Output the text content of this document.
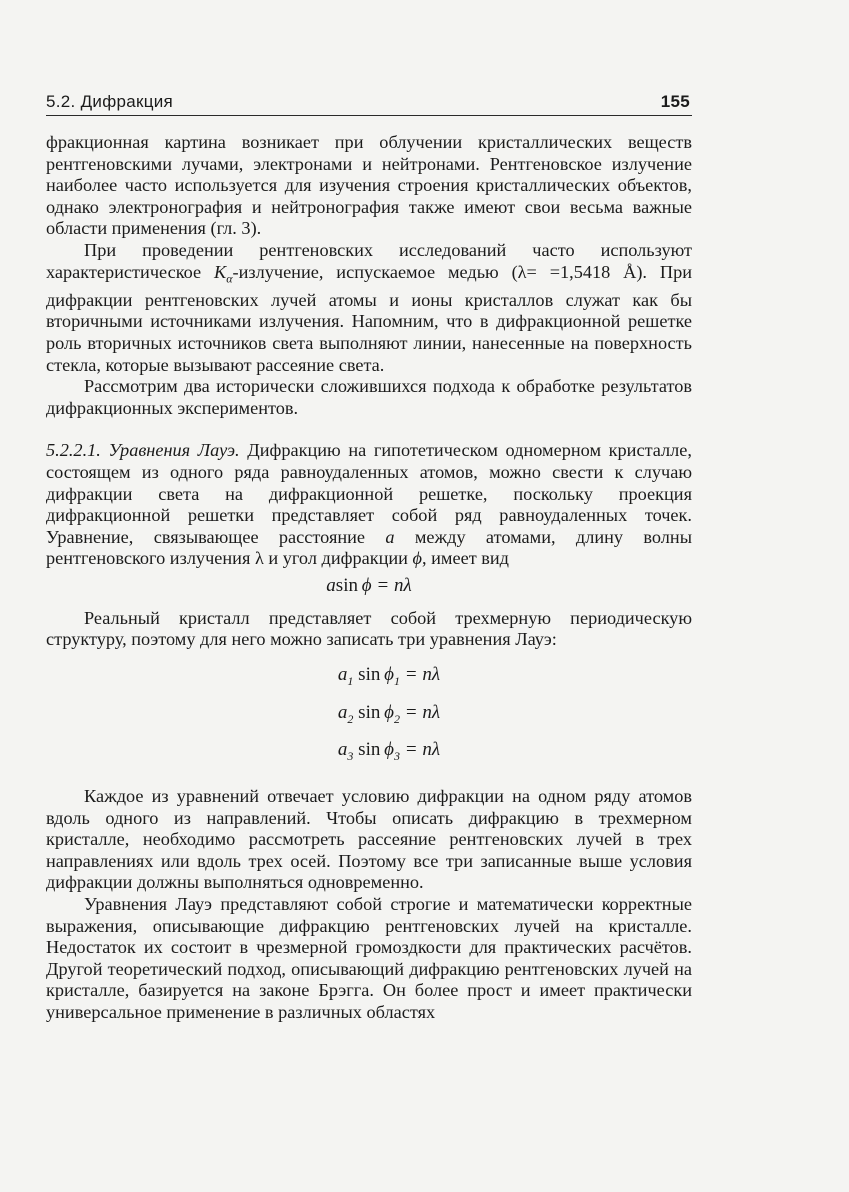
5.2. Дифракция	155

фракционная картина возникает при облучении кристаллических веществ рентгеновскими лучами, электронами и нейтронами. Рентгеновское излучение наиболее часто используется для изучения строения кристаллических объектов, однако электронография и нейтронография также имеют свои весьма важные области применения (гл. 3).

При проведении рентгеновских исследований часто используют характеристическое $K_\alpha$-излучение, испускаемое медью (λ= =1,5418 Å). При дифракции рентгеновских лучей атомы и ионы кристаллов служат как бы вторичными источниками излучения. Напомним, что в дифракционной решетке роль вторичных источников света выполняют линии, нанесенные на поверхность стекла, которые вызывают рассеяние света.

Рассмотрим два исторически сложившихся подхода к обработке результатов дифракционных экспериментов.

5.2.2.1. Уравнения Лауэ. Дифракцию на гипотетическом одномерном кристалле, состоящем из одного ряда равноудаленных атомов, можно свести к случаю дифракции света на дифракционной решетке, поскольку проекция дифракционной решетки представляет собой ряд равноудаленных точек. Уравнение, связывающее расстояние a между атомами, длину волны рентгеновского излучения λ и угол дифракции ϕ, имеет вид

asin  ϕ = nλ

Реальный кристалл представляет собой трехмерную периодическую структуру, поэтому для него можно записать три уравнения Лауэ:

$a_1$ $\sin \phi_1 = n\lambda$
$a_2$ $\sin \phi_2 = n\lambda$
$a_3$ $\sin \phi_3 = n\lambda$

Каждое из уравнений отвечает условию дифракции на одном ряду атомов вдоль одного из направлений. Чтобы описать дифракцию в трехмерном кристалле, необходимо рассмотреть рассеяние рентгеновских лучей в трех направлениях или вдоль трех осей. Поэтому все три записанные выше условия дифракции должны выполняться одновременно.

Уравнения Лауэ представляют собой строгие и математически корректные выражения, описывающие дифракцию рентгеновских лучей на кристалле. Недостаток их состоит в чрезмерной громоздкости для практических расчётов. Другой теоретический подход, описывающий дифракцию рентгеновских лучей на кристалле, базируется на законе Брэгга. Он более прост и имеет практически универсальное применение в различных областях
